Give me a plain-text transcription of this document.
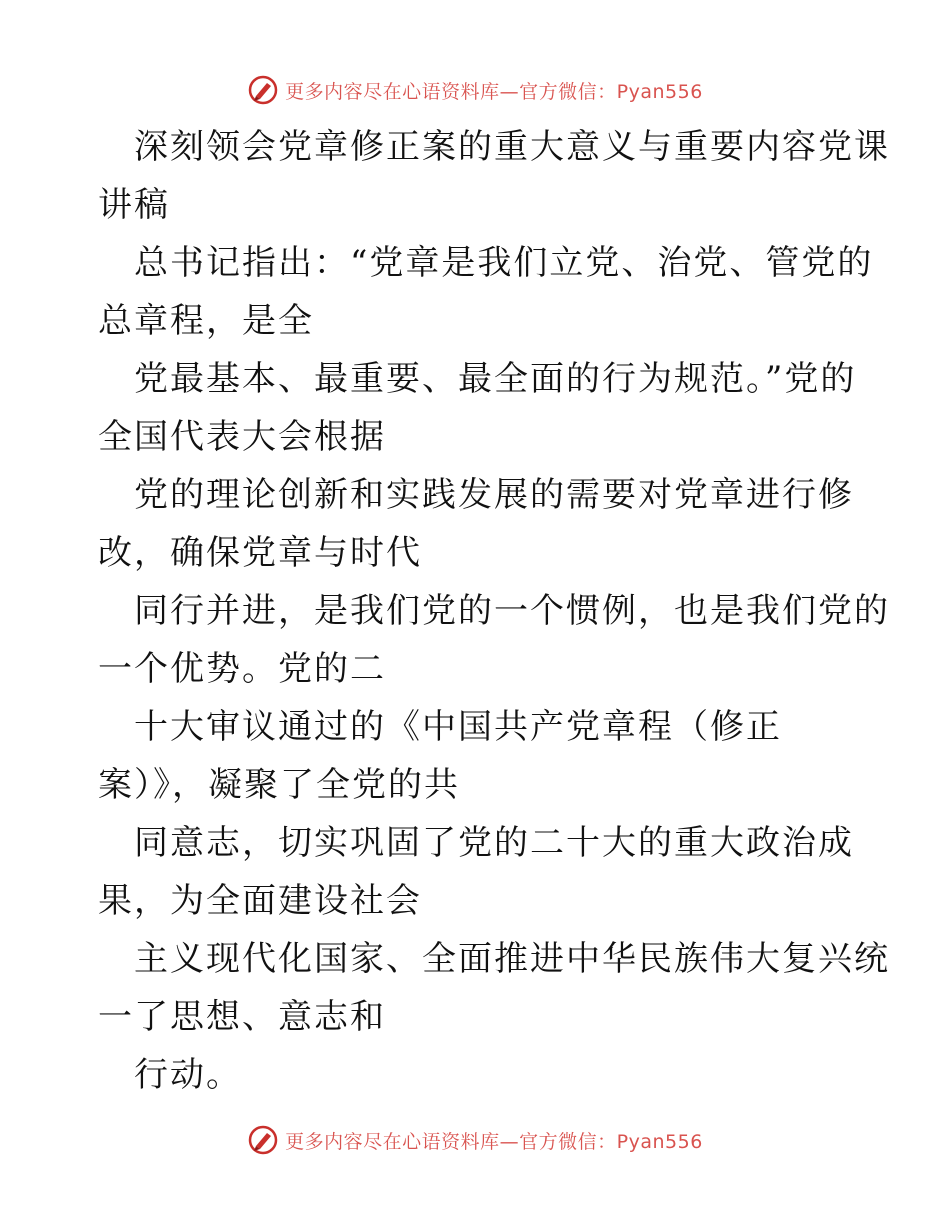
更多内容尽在心语资料库—官方微信：Pyan556
深刻领会党章修正案的重大意义与重要内容党课
讲稿
总书记指出：“党章是我们立党、治党、管党的
总章程，是全
党最基本、最重要、最全面的行为规范。”党的
全国代表大会根据
党的理论创新和实践发展的需要对党章进行修
改，确保党章与时代
同行并进，是我们党的一个惯例，也是我们党的
一个优势。党的二
十大审议通过的《中国共产党章程（修正
案）》，凝聚了全党的共
同意志，切实巩固了党的二十大的重大政治成
果，为全面建设社会
主义现代化国家、全面推进中华民族伟大复兴统
一了思想、意志和
行动。
更多内容尽在心语资料库—官方微信：Pyan556
